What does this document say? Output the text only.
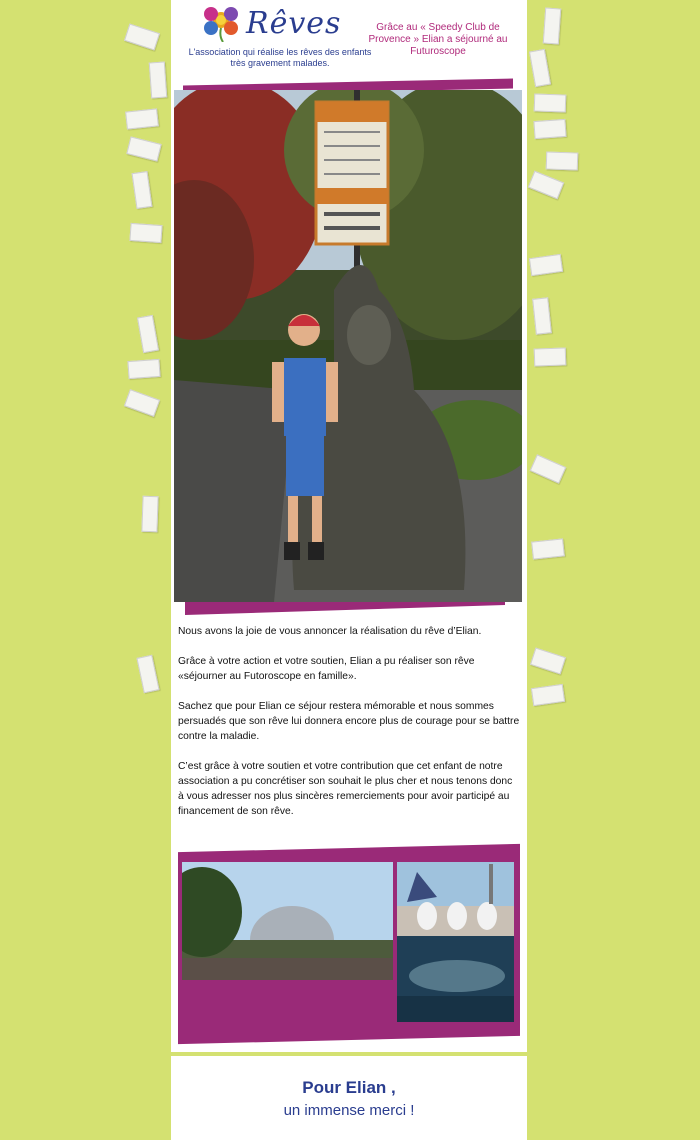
Rêves
L'association qui réalise les rêves des enfants très gravement malades.
Grâce au « Speedy Club de Provence » Elian a séjourné au Futuroscope

Nous avons la joie de vous annoncer la réalisation du rêve d’Elian.

Grâce à votre action et votre soutien, Elian a pu réaliser son rêve «séjourner au Futoroscope en famille».

Sachez que pour Elian ce séjour restera mémorable et nous sommes persuadés que son rêve lui donnera encore plus de courage pour se battre contre la maladie.

C’est grâce à votre soutien et votre contribution que cet enfant de notre association a pu concrétiser son souhait le plus cher et nous tenons donc à vous adresser nos plus sincères remerciements pour avoir participé au financement de son rêve.

Pour Elian ,
un immense merci !
